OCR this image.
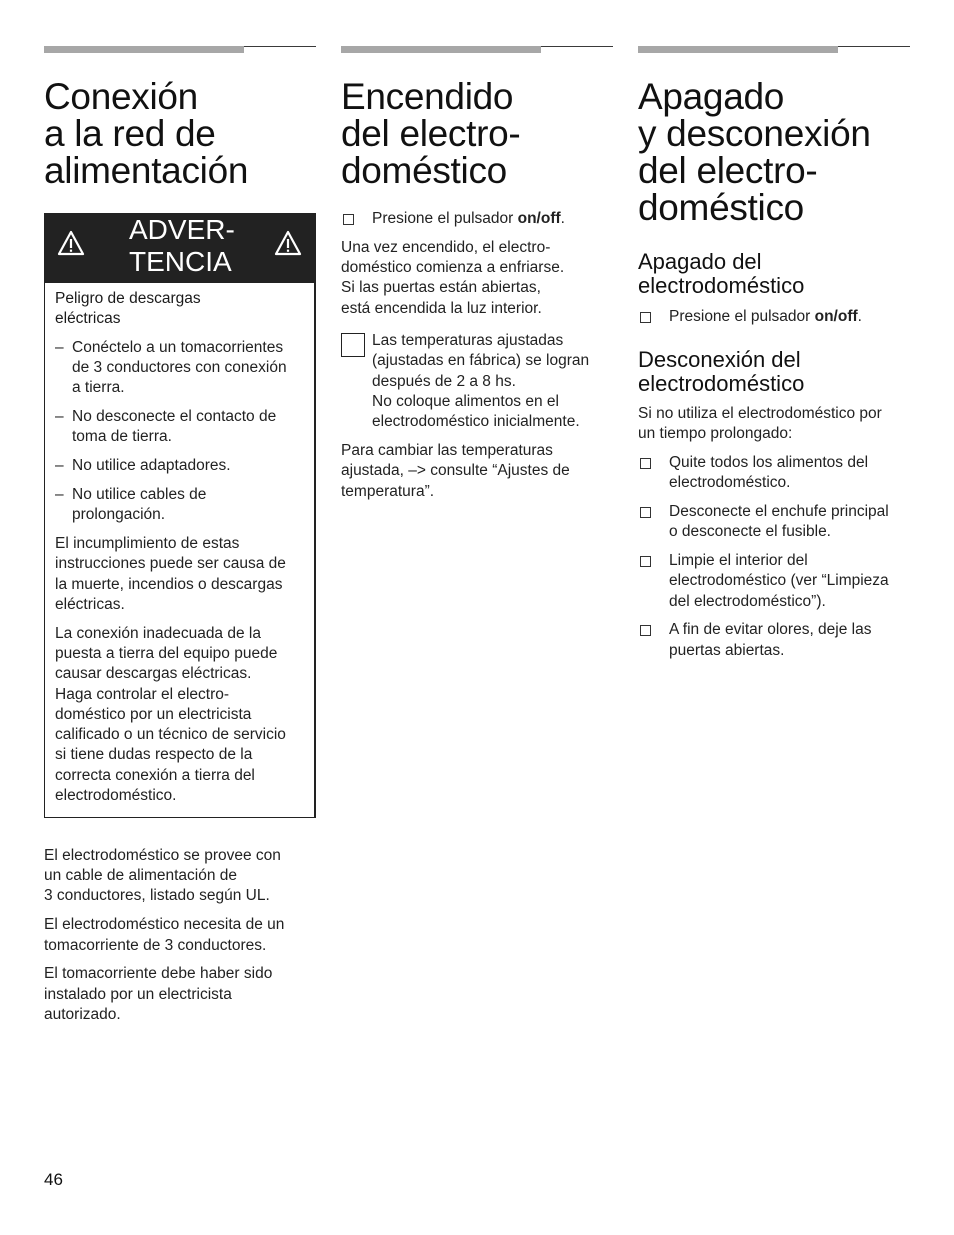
Conexión
a la red de
alimentación
ADVER-
TENCIA
Peligro de descargas
eléctricas
– Conéctelo a un tomacorrientes
de 3 conductores con conexión
a tierra.
– No desconecte el contacto de
toma de tierra.
– No utilice adaptadores.
– No utilice cables de
prolongación.

El incumplimiento de estas
instrucciones puede ser causa de
la muerte, incendios o descargas
eléctricas.

La conexión inadecuada de la
puesta a tierra del equipo puede
causar descargas eléctricas.
Haga controlar el electro-
doméstico por un electricista
calificado o un técnico de servicio
si tiene dudas respecto de la
correcta conexión a tierra del
electrodoméstico.

El electrodoméstico se provee con
un cable de alimentación de
3 conductores, listado según UL.

El electrodoméstico necesita de un
tomacorriente de 3 conductores.

El tomacorriente debe haber sido
instalado por un electricista
autorizado.

Encendido
del electro-
doméstico
Presione el pulsador on/off.

Una vez encendido, el electro-
doméstico comienza a enfriarse.
Si las puertas están abiertas,
está encendida la luz interior.

Las temperaturas ajustadas
(ajustadas en fábrica) se logran
después de 2 a 8 hs.
No coloque alimentos en el
electrodoméstico inicialmente.

Para cambiar las temperaturas
ajustada, –> consulte “Ajustes de
temperatura”.

Apagado
y desconexión
del electro-
doméstico
Apagado del
electrodoméstico
Presione el pulsador on/off.
Desconexión del
electrodoméstico

Si no utiliza el electrodoméstico por
un tiempo prolongado:

Quite todos los alimentos del
electrodoméstico.
Desconecte el enchufe principal
o desconecte el fusible.
Limpie el interior del
electrodoméstico (ver “Limpieza
del electrodoméstico”).
A fin de evitar olores, deje las
puertas abiertas.
46
